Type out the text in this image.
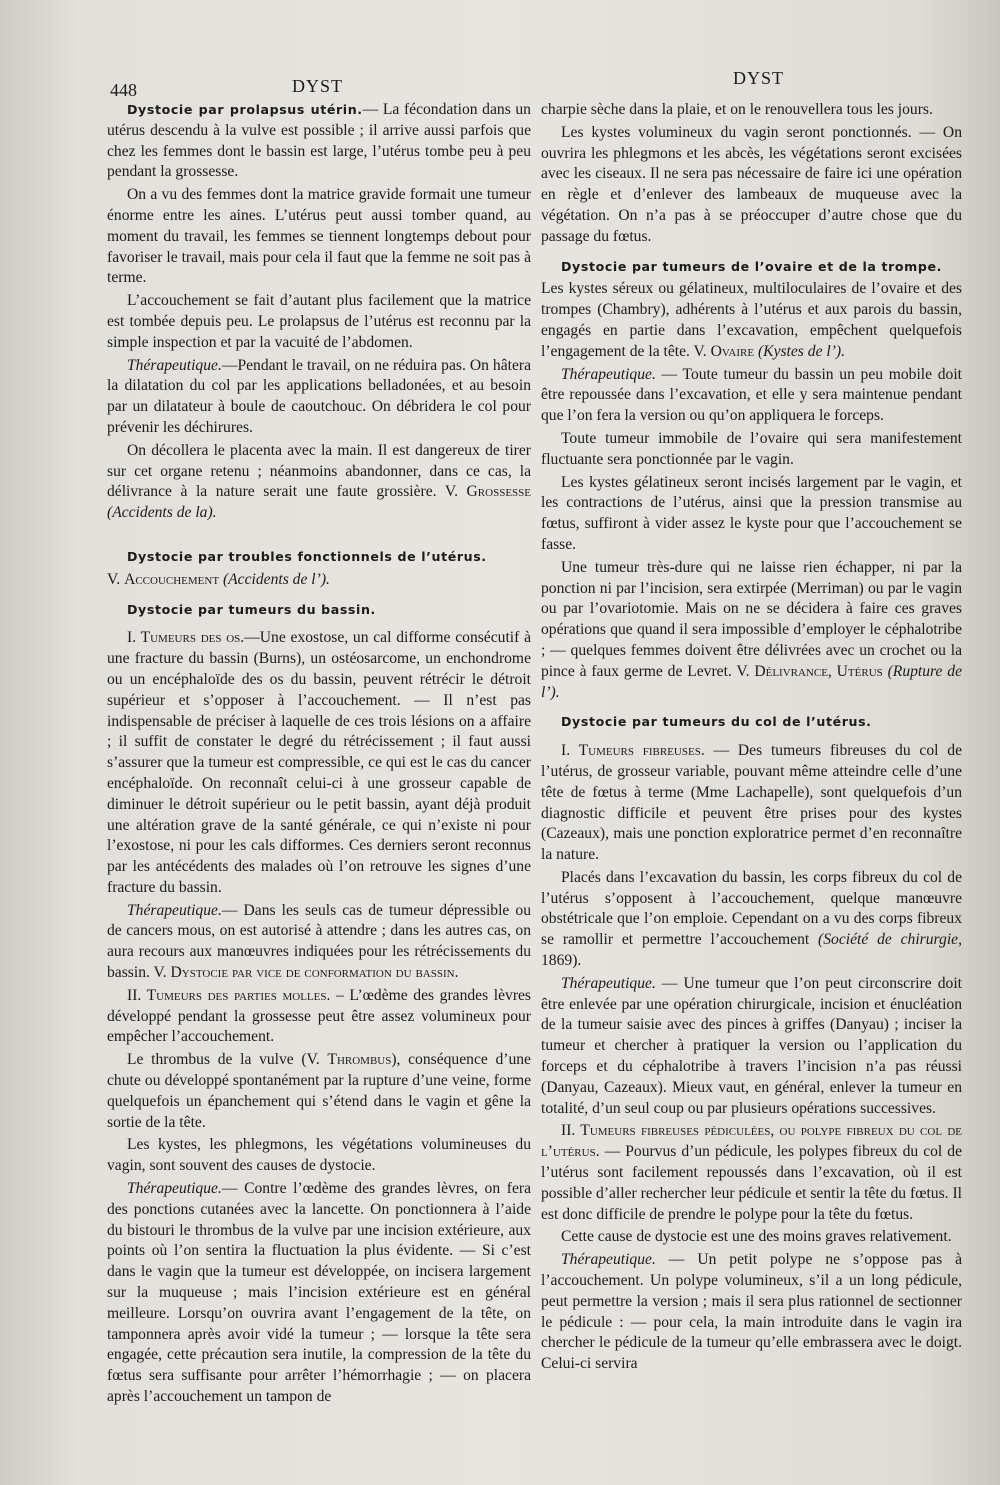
448	DYST	DYST

Dystocie par prolapsus utérin.— La fécondation dans un utérus descendu à la vulve est possible ; il arrive aussi parfois que chez les femmes dont le bassin est large, l’utérus tombe peu à peu pendant la grossesse.

On a vu des femmes dont la matrice gravide formait une tumeur énorme entre les aines. L’utérus peut aussi tomber quand, au moment du travail, les femmes se tiennent longtemps debout pour favoriser le travail, mais pour cela il faut que la femme ne soit pas à terme.

L’accouchement se fait d’autant plus facilement que la matrice est tombée depuis peu. Le prolapsus de l’utérus est reconnu par la simple inspection et par la vacuité de l’abdomen.

Thérapeutique.—Pendant le travail, on ne réduira pas. On hâtera la dilatation du col par les applications belladonées, et au besoin par un dilatateur à boule de caoutchouc. On débridera le col pour prévenir les déchirures.

On décollera le placenta avec la main. Il est dangereux de tirer sur cet organe retenu ; néanmoins abandonner, dans ce cas, la délivrance à la nature serait une faute grossière. V. Grossesse (Accidents de la).

Dystocie par troubles fonctionnels de l’utérus.

V. Accouchement (Accidents de l’).

Dystocie par tumeurs du bassin.

I. Tumeurs des os.—Une exostose, un cal difforme consécutif à une fracture du bassin (Burns), un ostéosarcome, un enchondrome ou un encéphaloïde des os du bassin, peuvent rétrécir le détroit supérieur et s’opposer à l’accouchement. — Il n’est pas indispensable de préciser à laquelle de ces trois lésions on a affaire ; il suffit de constater le degré du rétrécissement ; il faut aussi s’assurer que la tumeur est compressible, ce qui est le cas du cancer encéphaloïde. On reconnaît celui-ci à une grosseur capable de diminuer le détroit supérieur ou le petit bassin, ayant déjà produit une altération grave de la santé générale, ce qui n’existe ni pour l’exostose, ni pour les cals difformes. Ces derniers seront reconnus par les antécédents des malades où l’on retrouve les signes d’une fracture du bassin.

Thérapeutique.— Dans les seuls cas de tumeur dépressible ou de cancers mous, on est autorisé à attendre ; dans les autres cas, on aura recours aux manœuvres indiquées pour les rétrécissements du bassin. V. Dystocie par vice de conformation du bassin.

II. Tumeurs des parties molles. – L’œdème des grandes lèvres développé pendant la grossesse peut être assez volumineux pour empêcher l’accouchement.

Le thrombus de la vulve (V. Thrombus), conséquence d’une chute ou développé spontanément par la rupture d’une veine, forme quelquefois un épanchement qui s’étend dans le vagin et gêne la sortie de la tête.

Les kystes, les phlegmons, les végétations volumineuses du vagin, sont souvent des causes de dystocie.

Thérapeutique.— Contre l’œdème des grandes lèvres, on fera des ponctions cutanées avec la lancette. On ponctionnera à l’aide du bistouri le thrombus de la vulve par une incision extérieure, aux points où l’on sentira la fluctuation la plus évidente. — Si c’est dans le vagin que la tumeur est développée, on incisera largement sur la muqueuse ; mais l’incision extérieure est en général meilleure. Lorsqu’on ouvrira avant l’engagement de la tête, on tamponnera après avoir vidé la tumeur ; — lorsque la tête sera engagée, cette précaution sera inutile, la compression de la tête du fœtus sera suffisante pour arrêter l’hémorrhagie ; — on placera après l’accouchement un tampon de

charpie sèche dans la plaie, et on le renouvellera tous les jours.

Les kystes volumineux du vagin seront ponctionnés. — On ouvrira les phlegmons et les abcès, les végétations seront excisées avec les ciseaux. Il ne sera pas nécessaire de faire ici une opération en règle et d’enlever des lambeaux de muqueuse avec la végétation. On n’a pas à se préoccuper d’autre chose que du passage du fœtus.

Dystocie par tumeurs de l’ovaire et de la trompe.

Les kystes séreux ou gélatineux, multiloculaires de l’ovaire et des trompes (Chambry), adhérents à l’utérus et aux parois du bassin, engagés en partie dans l’excavation, empêchent quelquefois l’engagement de la tête. V. Ovaire (Kystes de l’).

Thérapeutique. — Toute tumeur du bassin un peu mobile doit être repoussée dans l’excavation, et elle y sera maintenue pendant que l’on fera la version ou qu’on appliquera le forceps.

Toute tumeur immobile de l’ovaire qui sera manifestement fluctuante sera ponctionnée par le vagin.

Les kystes gélatineux seront incisés largement par le vagin, et les contractions de l’utérus, ainsi que la pression transmise au fœtus, suffiront à vider assez le kyste pour que l’accouchement se fasse.

Une tumeur très-dure qui ne laisse rien échapper, ni par la ponction ni par l’incision, sera extirpée (Merriman) ou par le vagin ou par l’ovariotomie. Mais on ne se décidera à faire ces graves opérations que quand il sera impossible d’employer le céphalotribe ; — quelques femmes doivent être délivrées avec un crochet ou la pince à faux germe de Levret. V. Délivrance, Utérus (Rupture de l’).

Dystocie par tumeurs du col de l’utérus.

I. Tumeurs fibreuses. — Des tumeurs fibreuses du col de l’utérus, de grosseur variable, pouvant même atteindre celle d’une tête de fœtus à terme (Mme Lachapelle), sont quelquefois d’un diagnostic difficile et peuvent être prises pour des kystes (Cazeaux), mais une ponction exploratrice permet d’en reconnaître la nature.

Placés dans l’excavation du bassin, les corps fibreux du col de l’utérus s’opposent à l’accouchement, quelque manœuvre obstétricale que l’on emploie. Cependant on a vu des corps fibreux se ramollir et permettre l’accouchement (Société de chirurgie, 1869).

Thérapeutique. — Une tumeur que l’on peut circonscrire doit être enlevée par une opération chirurgicale, incision et énucléation de la tumeur saisie avec des pinces à griffes (Danyau) ; inciser la tumeur et chercher à pratiquer la version ou l’application du forceps et du céphalotribe à travers l’incision n’a pas réussi (Danyau, Cazeaux). Mieux vaut, en général, enlever la tumeur en totalité, d’un seul coup ou par plusieurs opérations successives.

II. Tumeurs fibreuses pédiculées, ou polype fibreux du col de l’utérus. — Pourvus d’un pédicule, les polypes fibreux du col de l’utérus sont facilement repoussés dans l’excavation, où il est possible d’aller rechercher leur pédicule et sentir la tête du fœtus. Il est donc difficile de prendre le polype pour la tête du fœtus.

Cette cause de dystocie est une des moins graves relativement.

Thérapeutique. — Un petit polype ne s’oppose pas à l’accouchement. Un polype volumineux, s’il a un long pédicule, peut permettre la version ; mais il sera plus rationnel de sectionner le pédicule : — pour cela, la main introduite dans le vagin ira chercher le pédicule de la tumeur qu’elle embrassera avec le doigt. Celui-ci servira
